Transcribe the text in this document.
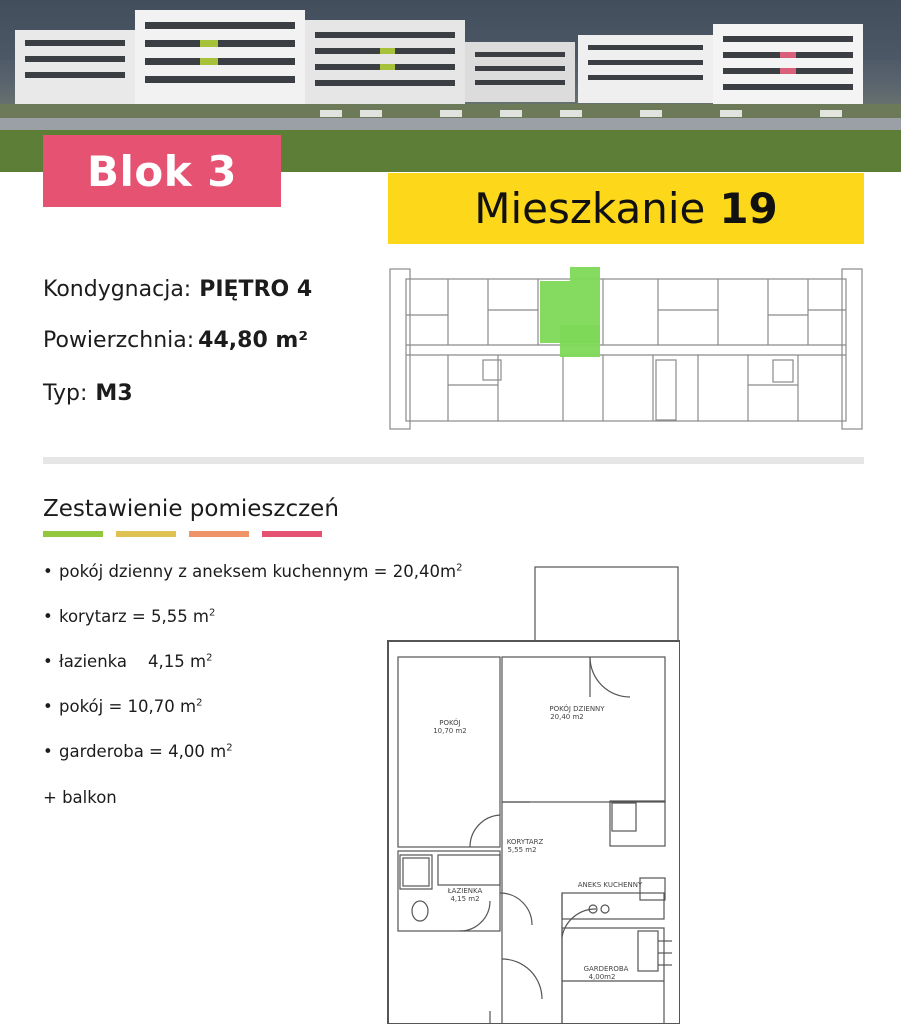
Blok 3
Mieszkanie 19
Kondygnacja: PIĘTRO 4
Powierzchnia: 44,80 m²
Typ: M3
Zestawienie pomieszczeń
• pokój dzienny z aneksem kuchennym = $20,40m^2$
• korytarz = 5,55 $m^2$
• łazienka    4,15 $m^2$
• pokój = 10,70 $m^2$
• garderoba = 4,00 $m^2$
+ balkon
POKÓJ
10,70 m2
POKÓJ DZIENNY
20,40 m2
KORYTARZ
5,55 m2
ŁAZIENKA
4,15 m2
ANEKS KUCHENNY
GARDEROBA
4,00m2
